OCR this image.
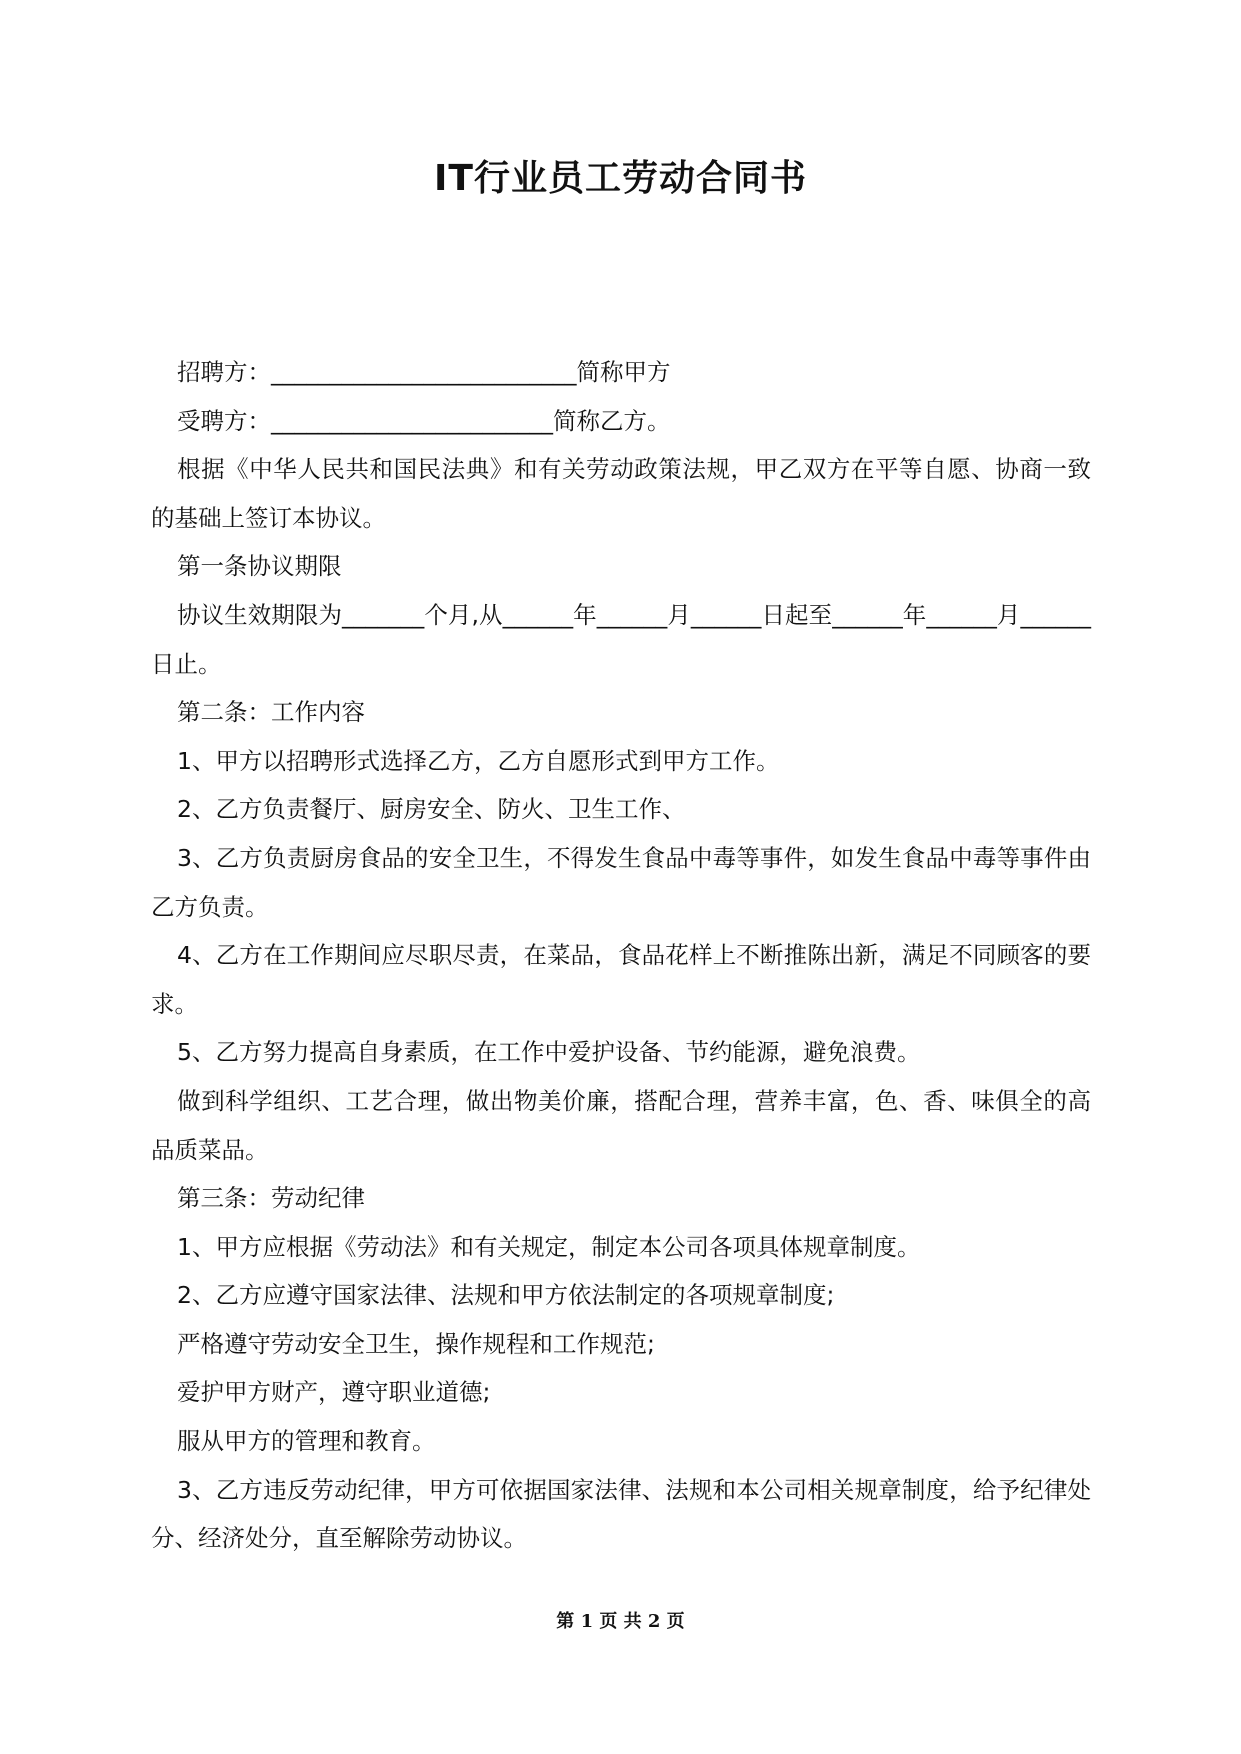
IT行业员工劳动合同书

招聘方：__________________________简称甲方

受聘方：________________________简称乙方。

根据《中华人民共和国民法典》和有关劳动政策法规，甲乙双方在平等自愿、协商一致的基础上签订本协议。

第一条协议期限

协议生效期限为_______个月,从______年______月______日起至______年______月______日止。

第二条：工作内容

1、甲方以招聘形式选择乙方，乙方自愿形式到甲方工作。

2、乙方负责餐厅、厨房安全、防火、卫生工作、

3、乙方负责厨房食品的安全卫生，不得发生食品中毒等事件，如发生食品中毒等事件由乙方负责。

4、乙方在工作期间应尽职尽责，在菜品，食品花样上不断推陈出新，满足不同顾客的要求。

5、乙方努力提高自身素质，在工作中爱护设备、节约能源，避免浪费。

做到科学组织、工艺合理，做出物美价廉，搭配合理，营养丰富，色、香、味俱全的高品质菜品。

第三条：劳动纪律

1、甲方应根据《劳动法》和有关规定，制定本公司各项具体规章制度。

2、乙方应遵守国家法律、法规和甲方依法制定的各项规章制度;

严格遵守劳动安全卫生，操作规程和工作规范;

爱护甲方财产，遵守职业道德;

服从甲方的管理和教育。

3、乙方违反劳动纪律，甲方可依据国家法律、法规和本公司相关规章制度，给予纪律处分、经济处分，直至解除劳动协议。

第 1 页 共 2 页
